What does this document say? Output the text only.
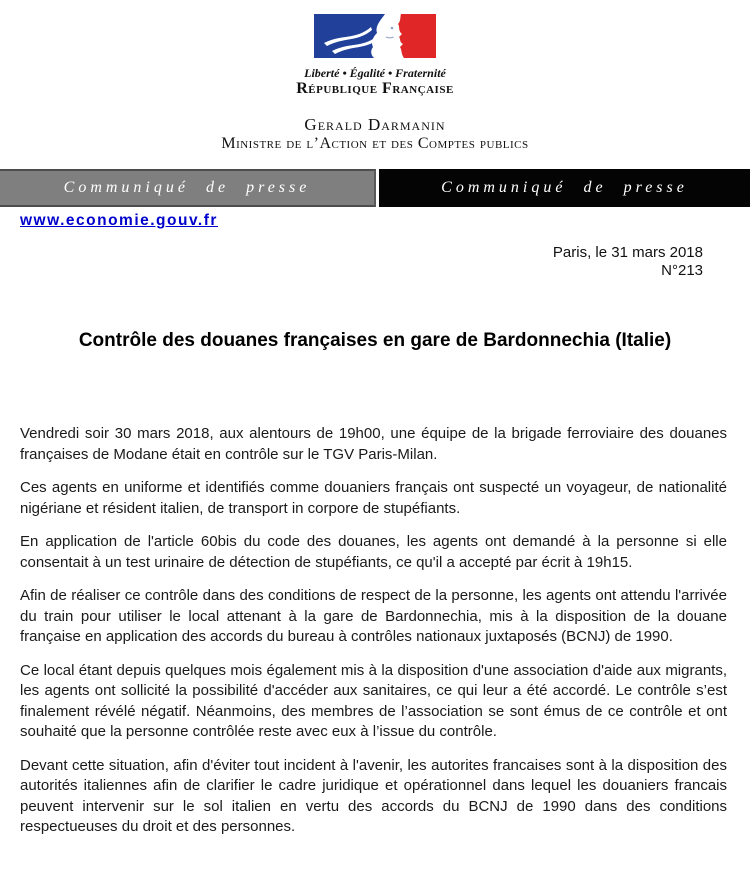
Liberté • Égalité • Fraternité
République Française
Gerald Darmanin
Ministre de l’Action et des Comptes publics
Communiqué de presse	Communiqué de presse
www.economie.gouv.fr
Paris, le 31 mars 2018
N°213
Contrôle des douanes françaises en gare de Bardonnechia (Italie)

Vendredi soir 30 mars 2018, aux alentours de 19h00, une équipe de la brigade ferroviaire des douanes françaises de Modane était en contrôle sur le TGV Paris-Milan.

Ces agents en uniforme et identifiés comme douaniers français ont suspecté un voyageur, de nationalité nigériane et résident italien, de transport in corpore de stupéfiants.

En application de l'article 60bis du code des douanes, les agents ont demandé à la personne si elle consentait à un test urinaire de détection de stupéfiants, ce qu'il a accepté par écrit à 19h15.

Afin de réaliser ce contrôle dans des conditions de respect de la personne, les agents ont attendu l'arrivée du train pour utiliser le local attenant à la gare de Bardonnechia, mis à la disposition de la douane française en application des accords du bureau à contrôles nationaux juxtaposés (BCNJ) de 1990.

Ce local étant depuis quelques mois également mis à la disposition d'une association d'aide aux migrants, les agents ont sollicité la possibilité d'accéder aux sanitaires, ce qui leur a été accordé. Le contrôle s’est finalement révélé négatif. Néanmoins, des membres de l’association se sont émus de ce contrôle et ont souhaité que la personne contrôlée reste avec eux à l’issue du contrôle.

Devant cette situation, afin d'éviter tout incident à l'avenir, les autorites francaises sont à la disposition des autorités italiennes afin de clarifier le cadre juridique et opérationnel dans lequel les douaniers francais peuvent intervenir sur le sol italien en vertu des accords du BCNJ de 1990 dans des conditions respectueuses du droit et des personnes.
